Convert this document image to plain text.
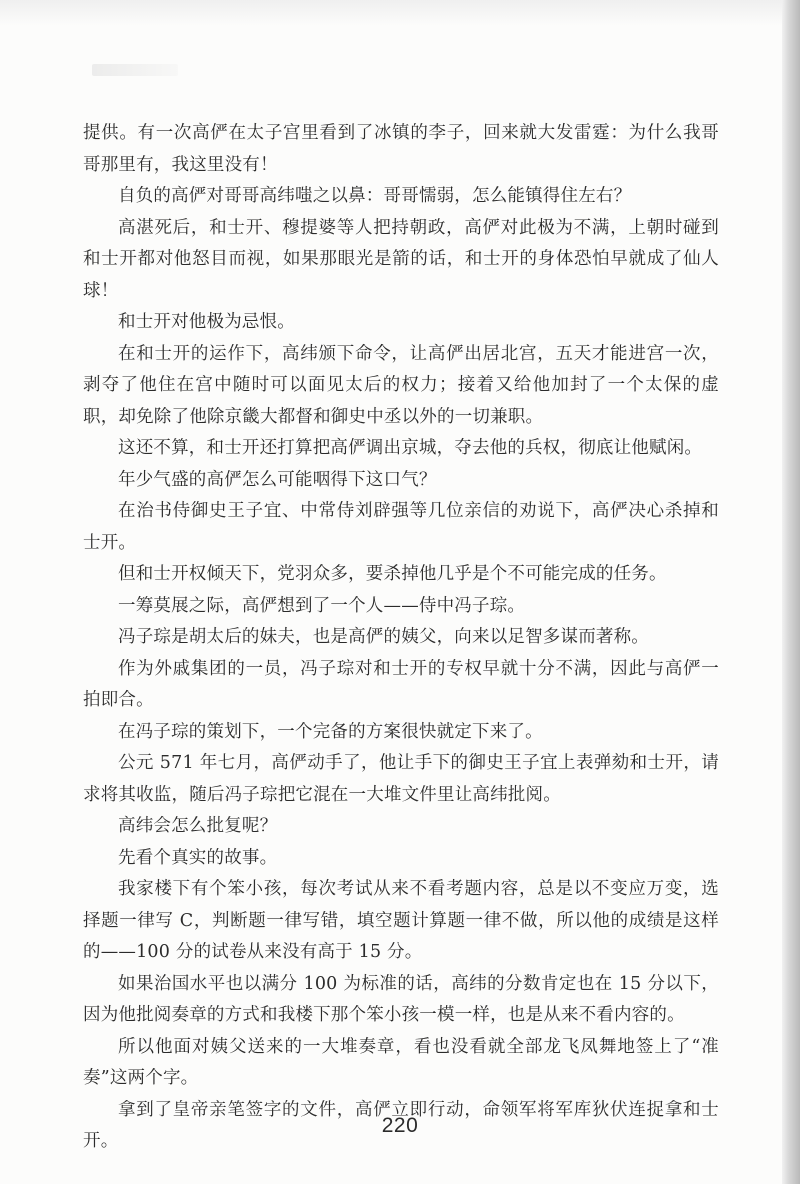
提供。有一次高俨在太子宫里看到了冰镇的李子，回来就大发雷霆：为什么我哥哥那里有，我这里没有！

自负的高俨对哥哥高纬嗤之以鼻：哥哥懦弱，怎么能镇得住左右？

高湛死后，和士开、穆提婆等人把持朝政，高俨对此极为不满，上朝时碰到和士开都对他怒目而视，如果那眼光是箭的话，和士开的身体恐怕早就成了仙人球！

和士开对他极为忌恨。

在和士开的运作下，高纬颁下命令，让高俨出居北宫，五天才能进宫一次，剥夺了他住在宫中随时可以面见太后的权力；接着又给他加封了一个太保的虚职，却免除了他除京畿大都督和御史中丞以外的一切兼职。

这还不算，和士开还打算把高俨调出京城，夺去他的兵权，彻底让他赋闲。

年少气盛的高俨怎么可能咽得下这口气？

在治书侍御史王子宜、中常侍刘辟强等几位亲信的劝说下，高俨决心杀掉和士开。

但和士开权倾天下，党羽众多，要杀掉他几乎是个不可能完成的任务。

一筹莫展之际，高俨想到了一个人——侍中冯子琮。

冯子琮是胡太后的妹夫，也是高俨的姨父，向来以足智多谋而著称。

作为外戚集团的一员，冯子琮对和士开的专权早就十分不满，因此与高俨一拍即合。

在冯子琮的策划下，一个完备的方案很快就定下来了。

公元 571 年七月，高俨动手了，他让手下的御史王子宜上表弹劾和士开，请求将其收监，随后冯子琮把它混在一大堆文件里让高纬批阅。

高纬会怎么批复呢？

先看个真实的故事。

我家楼下有个笨小孩，每次考试从来不看考题内容，总是以不变应万变，选择题一律写 C，判断题一律写错，填空题计算题一律不做，所以他的成绩是这样的——100 分的试卷从来没有高于 15 分。

如果治国水平也以满分 100 为标准的话，高纬的分数肯定也在 15 分以下，因为他批阅奏章的方式和我楼下那个笨小孩一模一样，也是从来不看内容的。

所以他面对姨父送来的一大堆奏章，看也没看就全部龙飞凤舞地签上了“准奏”这两个字。

拿到了皇帝亲笔签字的文件，高俨立即行动，命领军将军库狄伏连捉拿和士开。

220
